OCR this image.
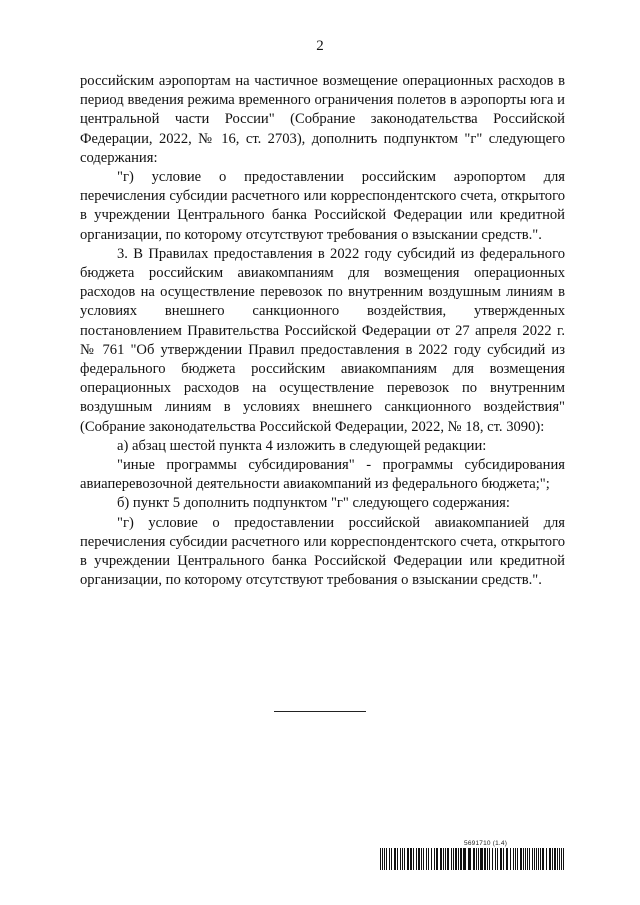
2

российским аэропортам на частичное возмещение операционных расходов в период введения режима временного ограничения полетов в аэропорты юга и центральной части России" (Собрание законодательства Российской Федерации, 2022, № 16, ст. 2703), дополнить подпунктом "г" следующего содержания:

"г) условие о предоставлении российским аэропортом для перечисления субсидии расчетного или корреспондентского счета, открытого в учреждении Центрального банка Российской Федерации или кредитной организации, по которому отсутствуют требования о взыскании средств.".

3. В Правилах предоставления в 2022 году субсидий из федерального бюджета российским авиакомпаниям для возмещения операционных расходов на осуществление перевозок по внутренним воздушным линиям в условиях внешнего санкционного воздействия, утвержденных постановлением Правительства Российской Федерации от 27 апреля 2022 г. № 761 "Об утверждении Правил предоставления в 2022 году субсидий из федерального бюджета российским авиакомпаниям для возмещения операционных расходов на осуществление перевозок по внутренним воздушным линиям в условиях внешнего санкционного воздействия" (Собрание законодательства Российской Федерации, 2022, № 18, ст. 3090):

а) абзац шестой пункта 4 изложить в следующей редакции:

"иные программы субсидирования" - программы субсидирования авиаперевозочной деятельности авиакомпаний из федерального бюджета;";

б) пункт 5 дополнить подпунктом "г" следующего содержания:

"г) условие о предоставлении российской авиакомпанией для перечисления субсидии расчетного или корреспондентского счета, открытого в учреждении Центрального банка Российской Федерации или кредитной организации, по которому отсутствуют требования о взыскании средств.".

5691710 (1.4)
